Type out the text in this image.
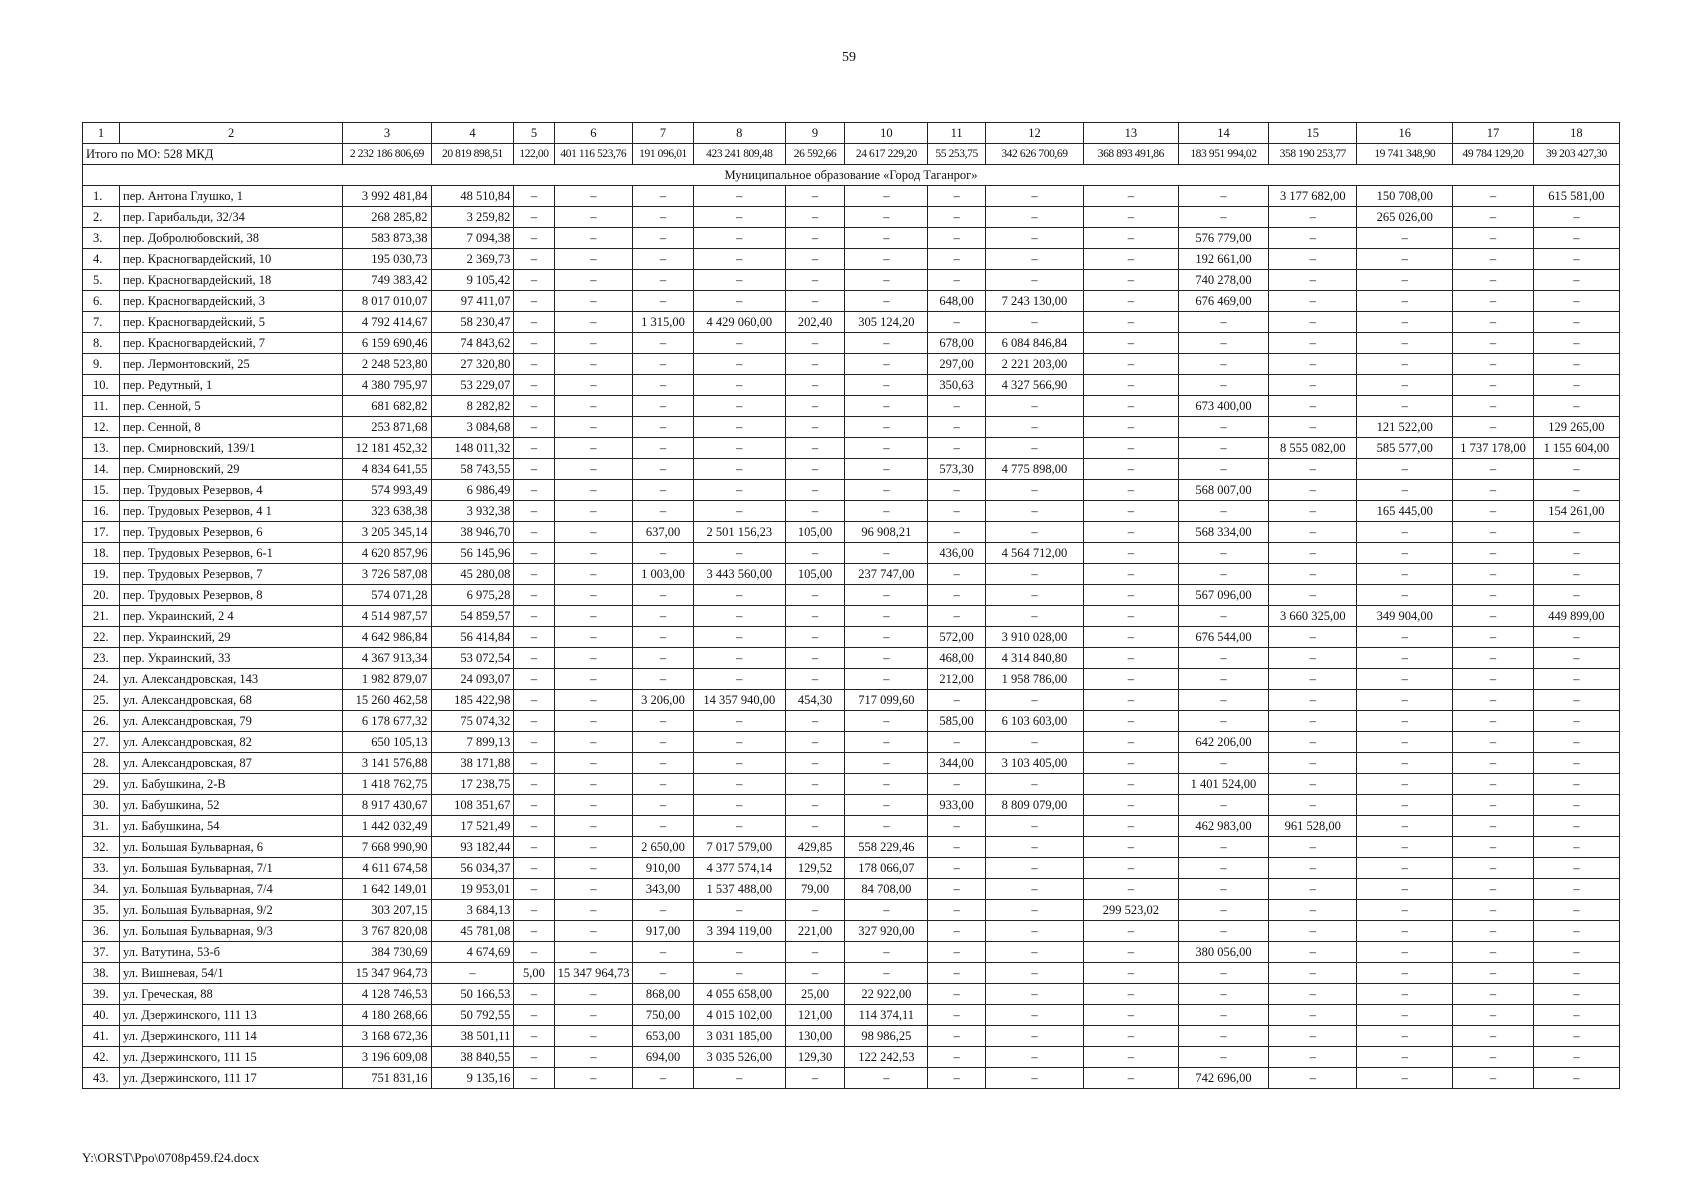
59
1	2	3	4	5	6	7	8	9	10	11	12	13	14	15	16	17	18
Итого по МО: 528 МКД		2 232 186 806,69	20 819 898,51	122,00	401 116 523,76	191 096,01	423 241 809,48	26 592,66	24 617 229,20	55 253,75	342 626 700,69	368 893 491,86	183 951 994,02	358 190 253,77	19 741 348,90	49 784 129,20	39 203 427,30
Муниципальное образование «Город Таганрог»																	
1.	пер. Антона Глушко, 1	3 992 481,84	48 510,84	–	–	–	–	–	–	–	–	–	–	3 177 682,00	150 708,00	–	615 581,00
2.	пер. Гарибальди, 32/34	268 285,82	3 259,82	–	–	–	–	–	–	–	–	–	–	–	265 026,00	–	–
3.	пер. Добролюбовский, 38	583 873,38	7 094,38	–	–	–	–	–	–	–	–	–	576 779,00	–	–	–	–
4.	пер. Красногвардейский, 10	195 030,73	2 369,73	–	–	–	–	–	–	–	–	–	192 661,00	–	–	–	–
5.	пер. Красногвардейский, 18	749 383,42	9 105,42	–	–	–	–	–	–	–	–	–	740 278,00	–	–	–	–
6.	пер. Красногвардейский, 3	8 017 010,07	97 411,07	–	–	–	–	–	–	648,00	7 243 130,00	–	676 469,00	–	–	–	–
7.	пер. Красногвардейский, 5	4 792 414,67	58 230,47	–	–	1 315,00	4 429 060,00	202,40	305 124,20	–	–	–	–	–	–	–	–
8.	пер. Красногвардейский, 7	6 159 690,46	74 843,62	–	–	–	–	–	–	678,00	6 084 846,84	–	–	–	–	–	–
9.	пер. Лермонтовский, 25	2 248 523,80	27 320,80	–	–	–	–	–	–	297,00	2 221 203,00	–	–	–	–	–	–
10.	пер. Редутный, 1	4 380 795,97	53 229,07	–	–	–	–	–	–	350,63	4 327 566,90	–	–	–	–	–	–
11.	пер. Сенной, 5	681 682,82	8 282,82	–	–	–	–	–	–	–	–	–	673 400,00	–	–	–	–
12.	пер. Сенной, 8	253 871,68	3 084,68	–	–	–	–	–	–	–	–	–	–	–	121 522,00	–	129 265,00
13.	пер. Смирновский, 139/1	12 181 452,32	148 011,32	–	–	–	–	–	–	–	–	–	–	8 555 082,00	585 577,00	1 737 178,00	1 155 604,00
14.	пер. Смирновский, 29	4 834 641,55	58 743,55	–	–	–	–	–	–	573,30	4 775 898,00	–	–	–	–	–	–
15.	пер. Трудовых Резервов, 4	574 993,49	6 986,49	–	–	–	–	–	–	–	–	–	568 007,00	–	–	–	–
16.	пер. Трудовых Резервов, 4 1	323 638,38	3 932,38	–	–	–	–	–	–	–	–	–	–	–	165 445,00	–	154 261,00
17.	пер. Трудовых Резервов, 6	3 205 345,14	38 946,70	–	–	637,00	2 501 156,23	105,00	96 908,21	–	–	–	568 334,00	–	–	–	–
18.	пер. Трудовых Резервов, 6-1	4 620 857,96	56 145,96	–	–	–	–	–	–	436,00	4 564 712,00	–	–	–	–	–	–
19.	пер. Трудовых Резервов, 7	3 726 587,08	45 280,08	–	–	1 003,00	3 443 560,00	105,00	237 747,00	–	–	–	–	–	–	–	–
20.	пер. Трудовых Резервов, 8	574 071,28	6 975,28	–	–	–	–	–	–	–	–	–	567 096,00	–	–	–	–
21.	пер. Украинский, 2 4	4 514 987,57	54 859,57	–	–	–	–	–	–	–	–	–	–	3 660 325,00	349 904,00	–	449 899,00
22.	пер. Украинский, 29	4 642 986,84	56 414,84	–	–	–	–	–	–	572,00	3 910 028,00	–	676 544,00	–	–	–	–
23.	пер. Украинский, 33	4 367 913,34	53 072,54	–	–	–	–	–	–	468,00	4 314 840,80	–	–	–	–	–	–
24.	ул. Александровская, 143	1 982 879,07	24 093,07	–	–	–	–	–	–	212,00	1 958 786,00	–	–	–	–	–	–
25.	ул. Александровская, 68	15 260 462,58	185 422,98	–	–	3 206,00	14 357 940,00	454,30	717 099,60	–	–	–	–	–	–	–	–
26.	ул. Александровская, 79	6 178 677,32	75 074,32	–	–	–	–	–	–	585,00	6 103 603,00	–	–	–	–	–	–
27.	ул. Александровская, 82	650 105,13	7 899,13	–	–	–	–	–	–	–	–	–	642 206,00	–	–	–	–
28.	ул. Александровская, 87	3 141 576,88	38 171,88	–	–	–	–	–	–	344,00	3 103 405,00	–	–	–	–	–	–
29.	ул. Бабушкина, 2-В	1 418 762,75	17 238,75	–	–	–	–	–	–	–	–	–	1 401 524,00	–	–	–	–
30.	ул. Бабушкина, 52	8 917 430,67	108 351,67	–	–	–	–	–	–	933,00	8 809 079,00	–	–	–	–	–	–
31.	ул. Бабушкина, 54	1 442 032,49	17 521,49	–	–	–	–	–	–	–	–	–	462 983,00	961 528,00	–	–	–
32.	ул. Большая Бульварная, 6	7 668 990,90	93 182,44	–	–	2 650,00	7 017 579,00	429,85	558 229,46	–	–	–	–	–	–	–	–
33.	ул. Большая Бульварная, 7/1	4 611 674,58	56 034,37	–	–	910,00	4 377 574,14	129,52	178 066,07	–	–	–	–	–	–	–	–
34.	ул. Большая Бульварная, 7/4	1 642 149,01	19 953,01	–	–	343,00	1 537 488,00	79,00	84 708,00	–	–	–	–	–	–	–	–
35.	ул. Большая Бульварная, 9/2	303 207,15	3 684,13	–	–	–	–	–	–	–	–	299 523,02	–	–	–	–	–
36.	ул. Большая Бульварная, 9/3	3 767 820,08	45 781,08	–	–	917,00	3 394 119,00	221,00	327 920,00	–	–	–	–	–	–	–	–
37.	ул. Ватутина, 53-б	384 730,69	4 674,69	–	–	–	–	–	–	–	–	–	380 056,00	–	–	–	–
38.	ул. Вишневая, 54/1	15 347 964,73	–	5,00	15 347 964,73	–	–	–	–	–	–	–	–	–	–	–	–
39.	ул. Греческая, 88	4 128 746,53	50 166,53	–	–	868,00	4 055 658,00	25,00	22 922,00	–	–	–	–	–	–	–	–
40.	ул. Дзержинского, 111 13	4 180 268,66	50 792,55	–	–	750,00	4 015 102,00	121,00	114 374,11	–	–	–	–	–	–	–	–
41.	ул. Дзержинского, 111 14	3 168 672,36	38 501,11	–	–	653,00	3 031 185,00	130,00	98 986,25	–	–	–	–	–	–	–	–
42.	ул. Дзержинского, 111 15	3 196 609,08	38 840,55	–	–	694,00	3 035 526,00	129,30	122 242,53	–	–	–	–	–	–	–	–
43.	ул. Дзержинского, 111 17	751 831,16	9 135,16	–	–	–	–	–	–	–	–	–	742 696,00	–	–	–	–
Y:\ORST\Ppo\0708p459.f24.docx
